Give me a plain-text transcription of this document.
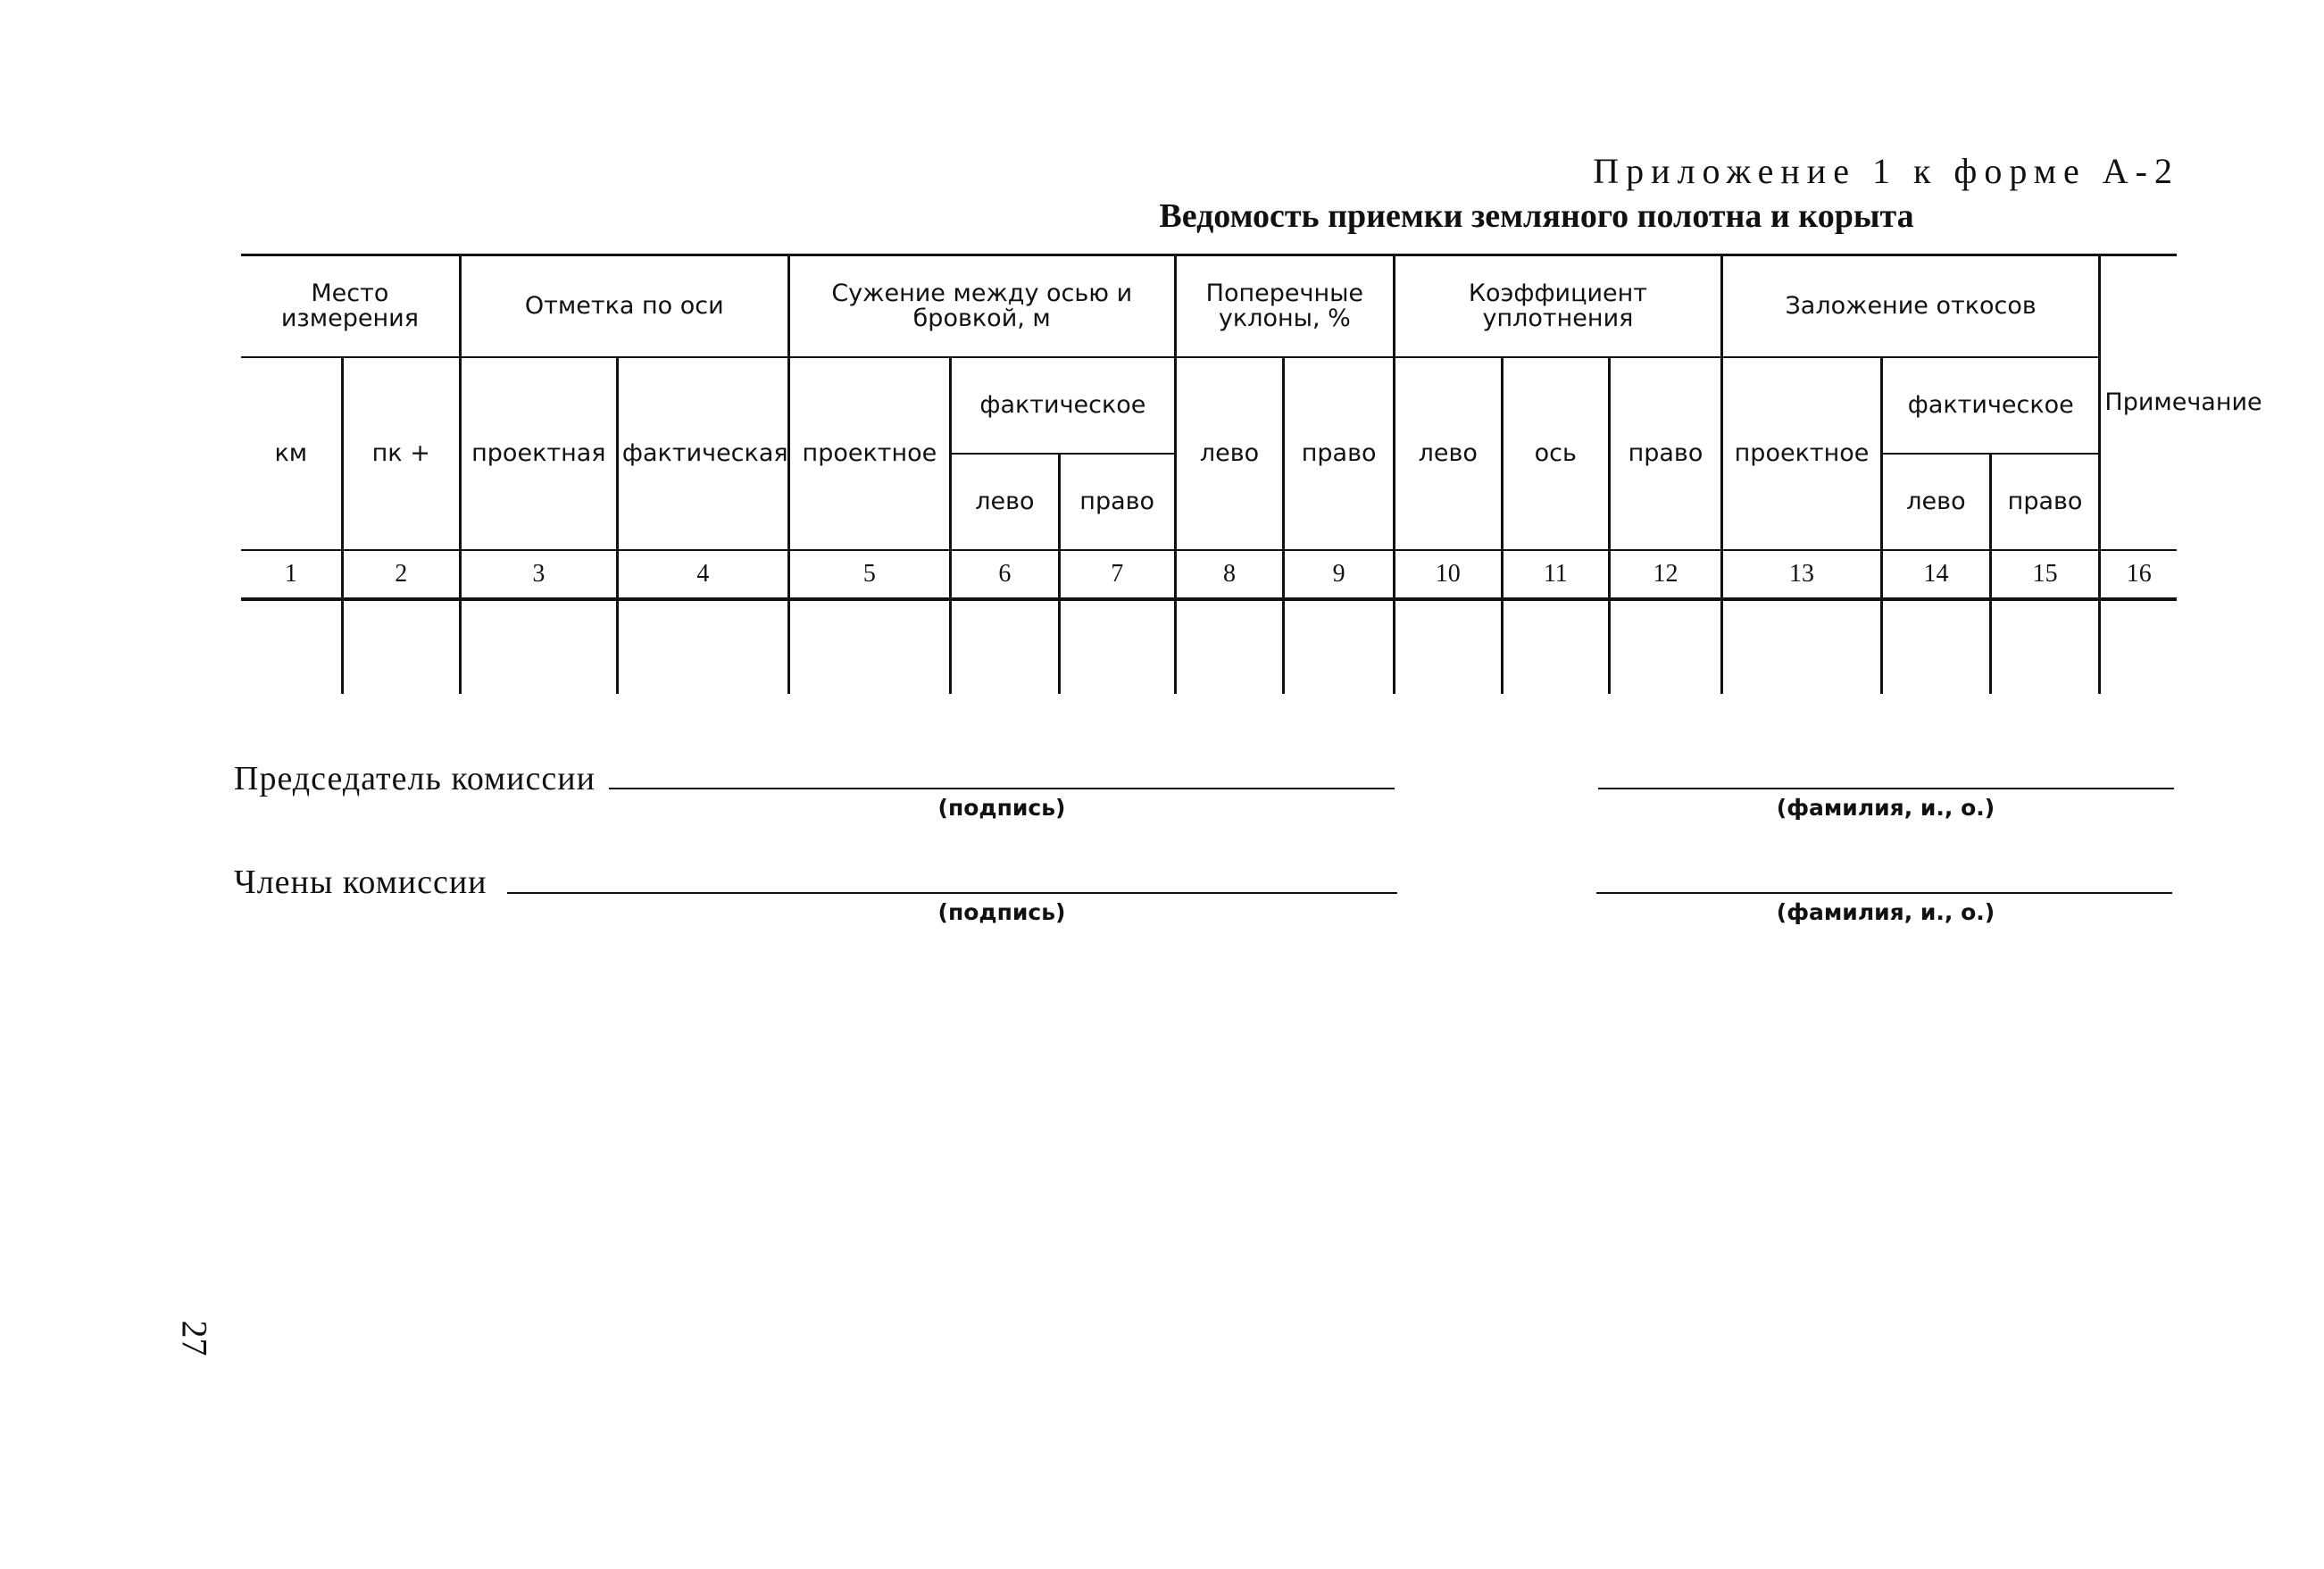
Приложение 1 к форме А-2
Ведомость приемки земляного полотна и корыта
Место измерения		Отметка по оси		Сужение между осью и бровкой, м			Поперечные уклоны, %		Коэффициент уплотнения			Заложение откосов			Примечание
км	пк +	проектная	фактическая	проектное	фактическое		лево	право	лево	ось	право	проектное	фактическое		
					лево	право							лево	право	
1	2	3	4	5	6	7	8	9	10	11	12	13	14	15	16

Председатель комиссии
(подпись)	(фамилия, и., о.)
Члены комиссии
(подпись)	(фамилия, и., о.)
27
